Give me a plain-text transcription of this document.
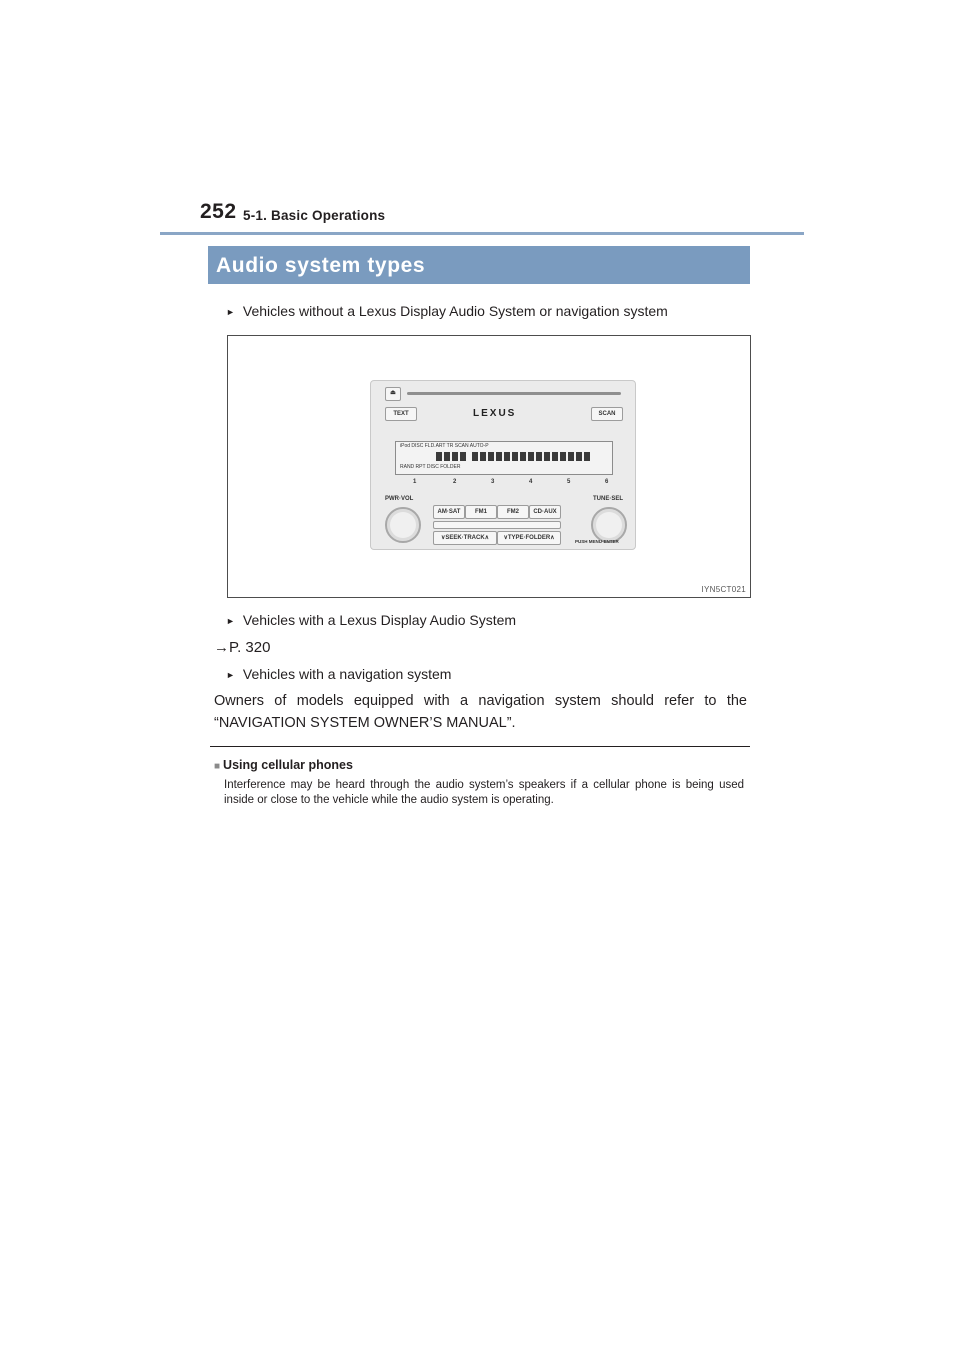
252 5-1. Basic Operations
Audio system types
► Vehicles without a Lexus Display Audio System or navigation system
⏏
TEXT	LEXUS	SCAN
iPod DISC FLD.ART TR SCAN AUTO-P
RAND RPT DISC FOLDER
1	2	3	4	5	6
PWR·VOL	TUNE·SEL
AM·SAT	FM1	FM2	CD·AUX
∨SEEK·TRACK∧	∨TYPE·FOLDER∧
PUSH MENU·ENTER
IYN5CT021
► Vehicles with a Lexus Display Audio System
→P. 320
► Vehicles with a navigation system
Owners of models equipped with a navigation system should refer to the “NAVIGATION SYSTEM OWNER’S MANUAL”.
■ Using cellular phones
Interference may be heard through the audio system’s speakers if a cellular phone is being used inside or close to the vehicle while the audio system is operating.
